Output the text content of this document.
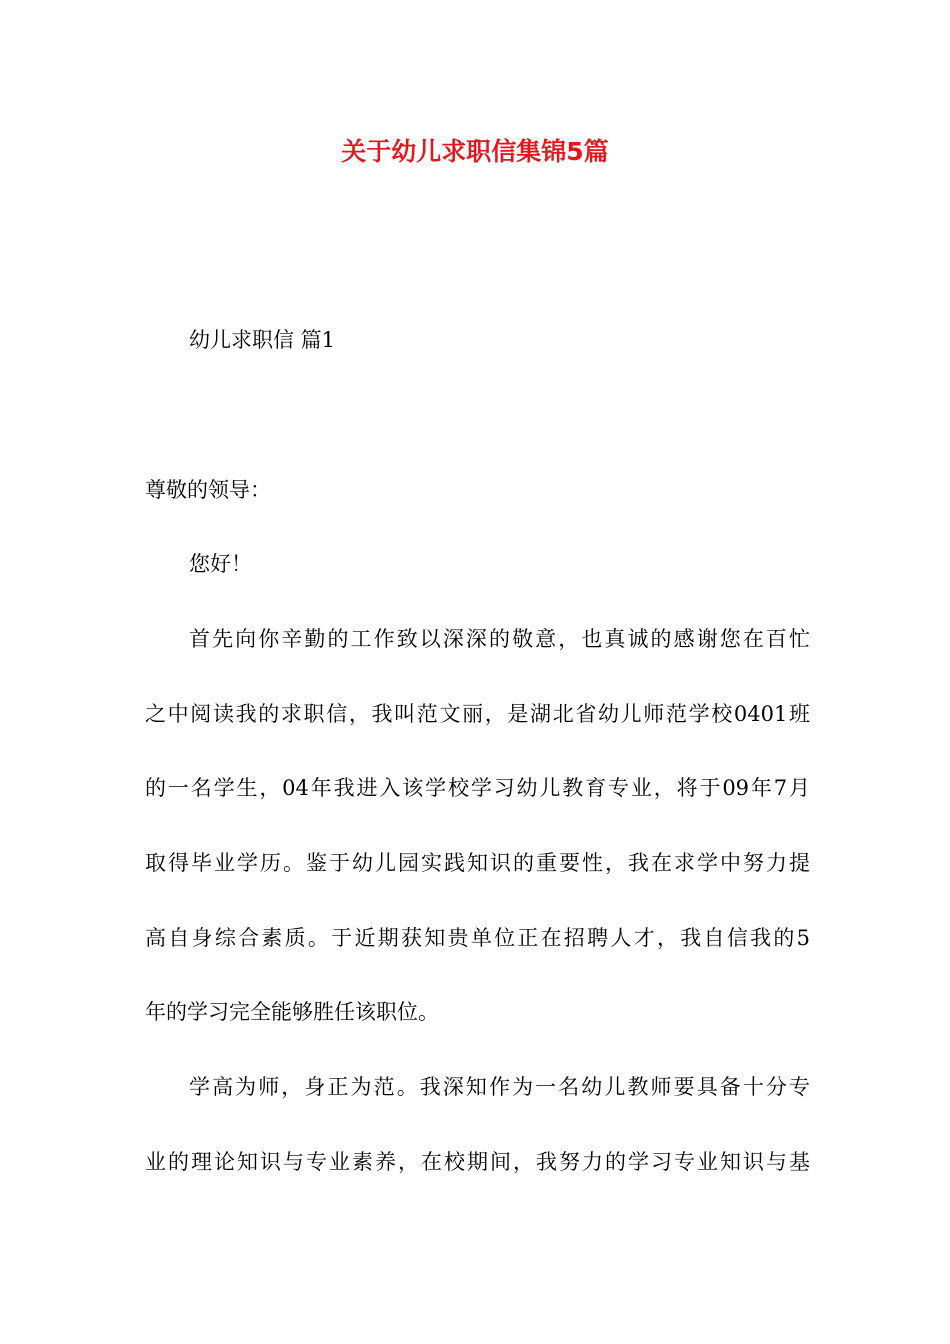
关于幼儿求职信集锦5篇

幼儿求职信 篇1

尊敬的领导：

您好！

首先向你辛勤的工作致以深深的敬意，也真诚的感谢您在百忙

之中阅读我的求职信，我叫范文丽，是湖北省幼儿师范学校0401班

的一名学生，04年我进入该学校学习幼儿教育专业，将于09年7月

取得毕业学历。鉴于幼儿园实践知识的重要性，我在求学中努力提

高自身综合素质。于近期获知贵单位正在招聘人才，我自信我的5

年的学习完全能够胜任该职位。

学高为师，身正为范。我深知作为一名幼儿教师要具备十分专

业的理论知识与专业素养，在校期间，我努力的学习专业知识与基
